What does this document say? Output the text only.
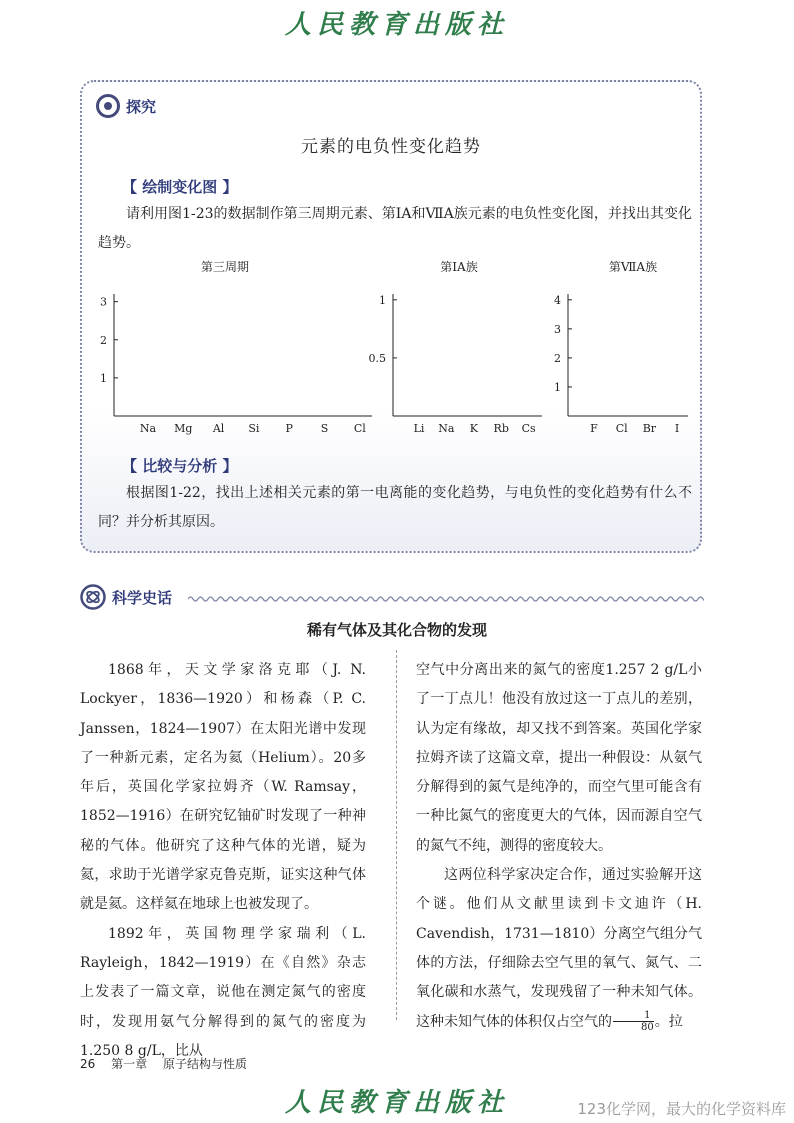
人民教育出版社
探究
元素的电负性变化趋势
【 绘制变化图 】
请利用图1-23的数据制作第三周期元素、第ⅠA和ⅦA族元素的电负性变化图，并找出其变化趋势。
第三周期
1
2
3
Na Mg Al Si P	S Cl
第ⅠA族
0.5
1
Li Na K Rb Cs
第ⅦA族
1
2
3
4
F Cl Br I
【 比较与分析 】
根据图1-22，找出上述相关元素的第一电离能的变化趋势，与电负性的变化趋势有什么不同？并分析其原因。
科学史话
稀有气体及其化合物的发现

1868年，天文学家洛克耶（J. N. Lockyer，1836—1920）和杨森（P. C. Janssen，1824—1907）在太阳光谱中发现了一种新元素，定名为氦（Helium）。20多年后，英国化学家拉姆齐（W. Ramsay，1852—1916）在研究钇铀矿时发现了一种神秘的气体。他研究了这种气体的光谱，疑为氦，求助于光谱学家克鲁克斯，证实这种气体就是氦。这样氦在地球上也被发现了。

1892年，英国物理学家瑞利（L. Rayleigh，1842—1919）在《自然》杂志上发表了一篇文章，说他在测定氮气的密度时，发现用氨气分解得到的氮气的密度为1.250 8 g/L，比从

空气中分离出来的氮气的密度1.257 2 g/L小了一丁点儿！他没有放过这一丁点儿的差别，认为定有缘故，却又找不到答案。英国化学家拉姆齐读了这篇文章，提出一种假设：从氨气分解得到的氮气是纯净的，而空气里可能含有一种比氮气的密度更大的气体，因而源自空气的氮气不纯，测得的密度较大。

这两位科学家决定合作，通过实验解开这个谜。他们从文献里读到卡文迪许（H. Cavendish，1731—1810）分离空气组分气体的方法，仔细除去空气里的氧气、氮气、二氧化碳和水蒸气，发现残留了一种未知气体。这种未知气体的体积仅占空气的 $\frac{1}{80}$ 。拉

26 第一章 原子结构与性质
人民教育出版社	123化学网，最大的化学资料库
